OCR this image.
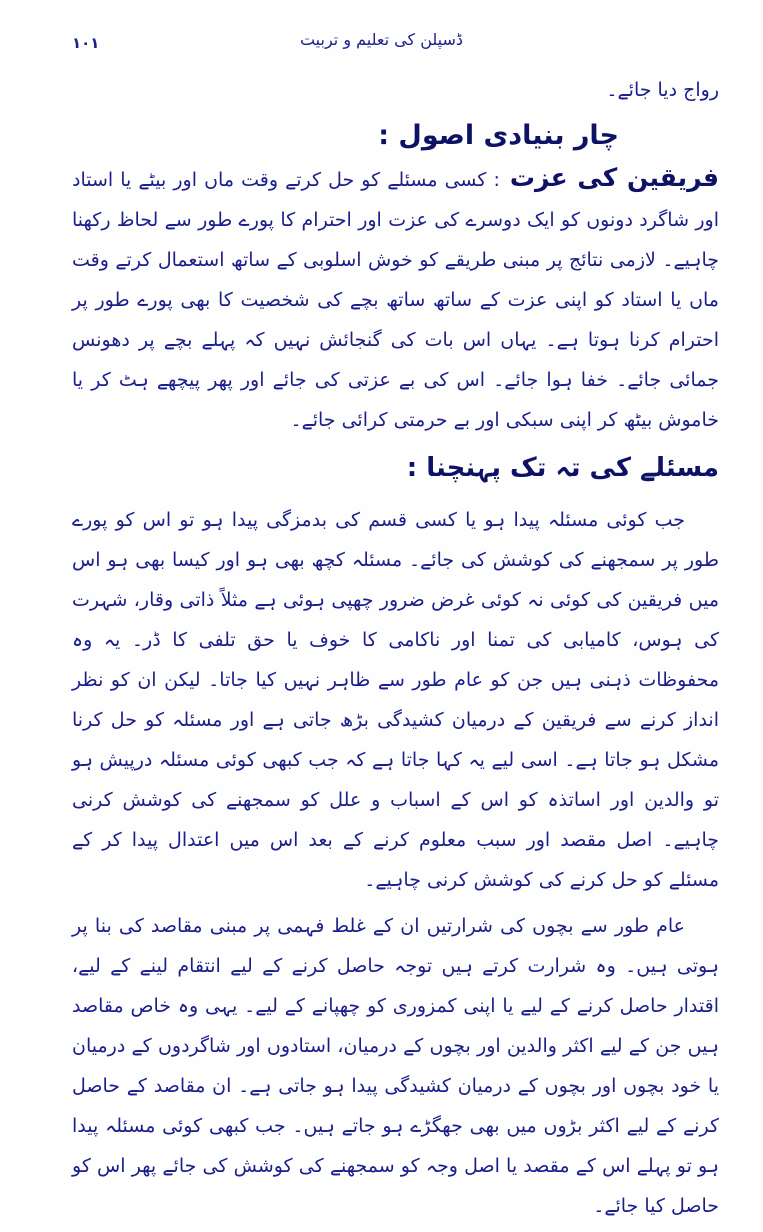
۱۰۱	ڈسپلن کی تعلیم و تربیت
رواج دیا جائے۔
چار بنیادی اصول :

فریقین کی عزت: کسی مسئلے کو حل کرتے وقت ماں اور بیٹے یا استاد اور شاگرد دونوں کو ایک دوسرے کی عزت اور احترام کا پورے طور سے لحاظ رکھنا چاہیے۔ لازمی نتائج پر مبنی طریقے کو خوش اسلوبی کے ساتھ استعمال کرتے وقت ماں یا استاد کو اپنی عزت کے ساتھ ساتھ بچے کی شخصیت کا بھی پورے طور پر احترام کرنا ہوتا ہے۔ یہاں اس بات کی گنجائش نہیں کہ پہلے بچے پر دھونس جمائی جائے۔ خفا ہوا جائے۔ اس کی بے عزتی کی جائے اور پھر پیچھے ہٹ کر یا خاموش بیٹھ کر اپنی سبکی اور بے حرمتی کرائی جائے۔

مسئلے کی تہ تک پہنچنا :

جب کوئی مسئلہ پیدا ہو یا کسی قسم کی بدمزگی پیدا ہو تو اس کو پورے طور پر سمجھنے کی کوشش کی جائے۔ مسئلہ کچھ بھی ہو اور کیسا بھی ہو اس میں فریقین کی کوئی نہ کوئی غرض ضرور چھپی ہوئی ہے مثلاً ذاتی وقار، شہرت کی ہوس، کامیابی کی تمنا اور ناکامی کا خوف یا حق تلفی کا ڈر۔ یہ وہ محفوظات ذہنی ہیں جن کو عام طور سے ظاہر نہیں کیا جاتا۔ لیکن ان کو نظر انداز کرنے سے فریقین کے درمیان کشیدگی بڑھ جاتی ہے اور مسئلہ کو حل کرنا مشکل ہو جاتا ہے۔ اسی لیے یہ کہا جاتا ہے کہ جب کبھی کوئی مسئلہ درپیش ہو تو والدین اور اساتذہ کو اس کے اسباب و علل کو سمجھنے کی کوشش کرنی چاہیے۔ اصل مقصد اور سبب معلوم کرنے کے بعد اس میں اعتدال پیدا کر کے مسئلے کو حل کرنے کی کوشش کرنی چاہیے۔

عام طور سے بچوں کی شرارتیں ان کے غلط فہمی پر مبنی مقاصد کی بنا پر ہوتی ہیں۔ وہ شرارت کرتے ہیں توجہ حاصل کرنے کے لیے انتقام لینے کے لیے، اقتدار حاصل کرنے کے لیے یا اپنی کمزوری کو چھپانے کے لیے۔ یہی وہ خاص مقاصد ہیں جن کے لیے اکثر والدین اور بچوں کے درمیان، استادوں اور شاگردوں کے درمیان یا خود بچوں اور بچوں کے درمیان کشیدگی پیدا ہو جاتی ہے۔ ان مقاصد کے حاصل کرنے کے لیے اکثر بڑوں میں بھی جھگڑے ہو جاتے ہیں۔ جب کبھی کوئی مسئلہ پیدا ہو تو پہلے اس کے مقصد یا اصل وجہ کو سمجھنے کی کوشش کی جائے پھر اس کو حاصل کیا جائے۔
